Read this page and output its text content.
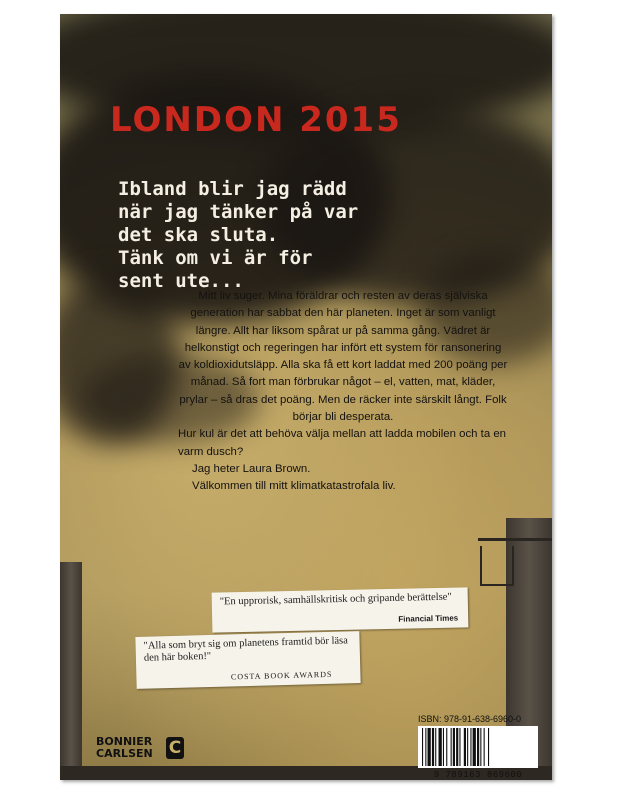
LONDON 2015
Ibland blir jag rädd
när jag tänker på var
det ska sluta.
Tänk om vi är för
sent ute...

Mitt liv suger. Mina föräldrar och resten av deras själviska generation har sabbat den här planeten. Inget är som vanligt längre. Allt har liksom spårat ur på samma gång. Vädret är helkonstigt och regeringen har infört ett system för ransonering av koldioxidutsläpp. Alla ska få ett kort laddat med 200 poäng per månad. Så fort man förbrukar något – el, vatten, mat, kläder, prylar – så dras det poäng. Men de räcker inte särskilt långt. Folk börjar bli desperata.

Hur kul är det att behöva välja mellan att ladda mobilen och ta en varm dusch?

Jag heter Laura Brown.

Välkommen till mitt klimatkatastrofala liv.

"En upprorisk, samhällskritisk och gripande berättelse"
Financial Times
"Alla som bryt sig om planetens framtid bör läsa den här boken!"
COSTA BOOK AWARDS
BONNIER
CARLSEN C
ISBN: 978-91-638-6960-0
9 789163 869600
